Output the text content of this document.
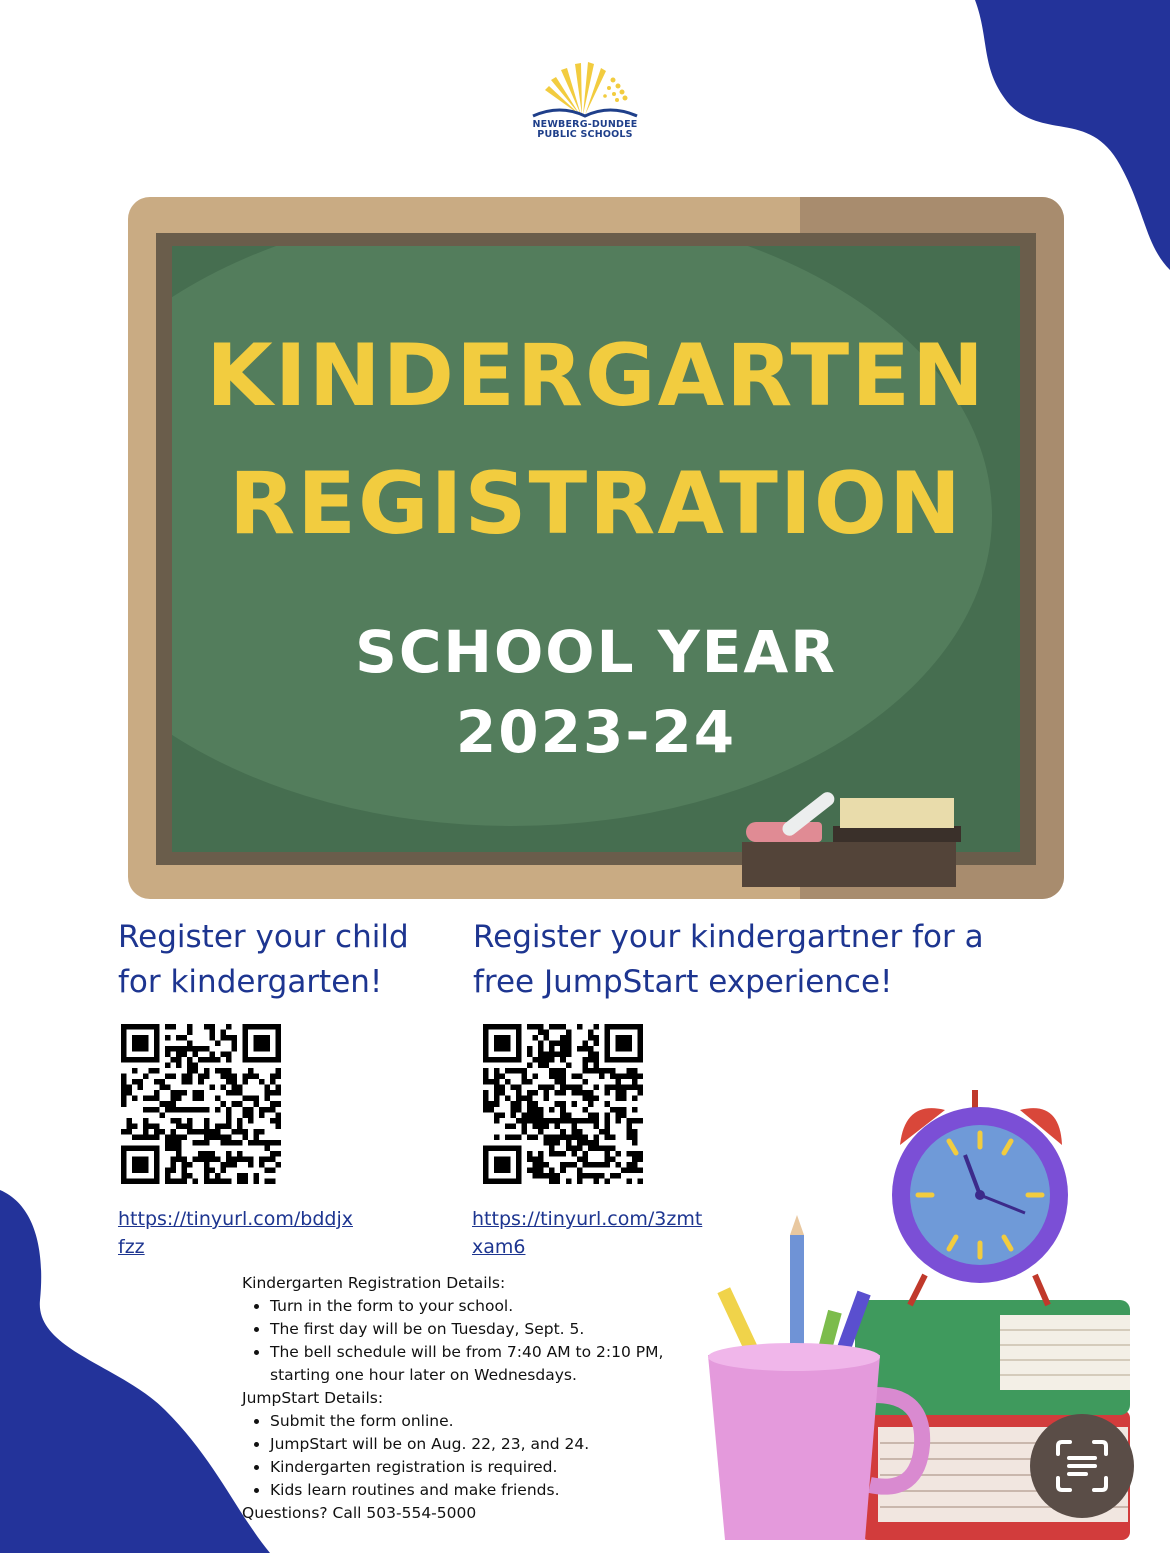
NEWBERG-DUNDEE
PUBLIC SCHOOLS
KINDERGARTEN
REGISTRATION
SCHOOL YEAR
2023-24
Register your child for kindergarten!
Register your kindergartner for a free JumpStart experience!
https://tinyurl.com/bddjxfzz
https://tinyurl.com/3zmtxam6
Kindergarten Registration Details:
• Turn in the form to your school.
• The first day will be on Tuesday, Sept. 5.
• The bell schedule will be from 7:40 AM to 2:10 PM, starting one hour later on Wednesdays.
JumpStart Details:
• Submit the form online.
• JumpStart will be on Aug. 22, 23, and 24.
• Kindergarten registration is required.
• Kids learn routines and make friends.
Questions? Call 503-554-5000
